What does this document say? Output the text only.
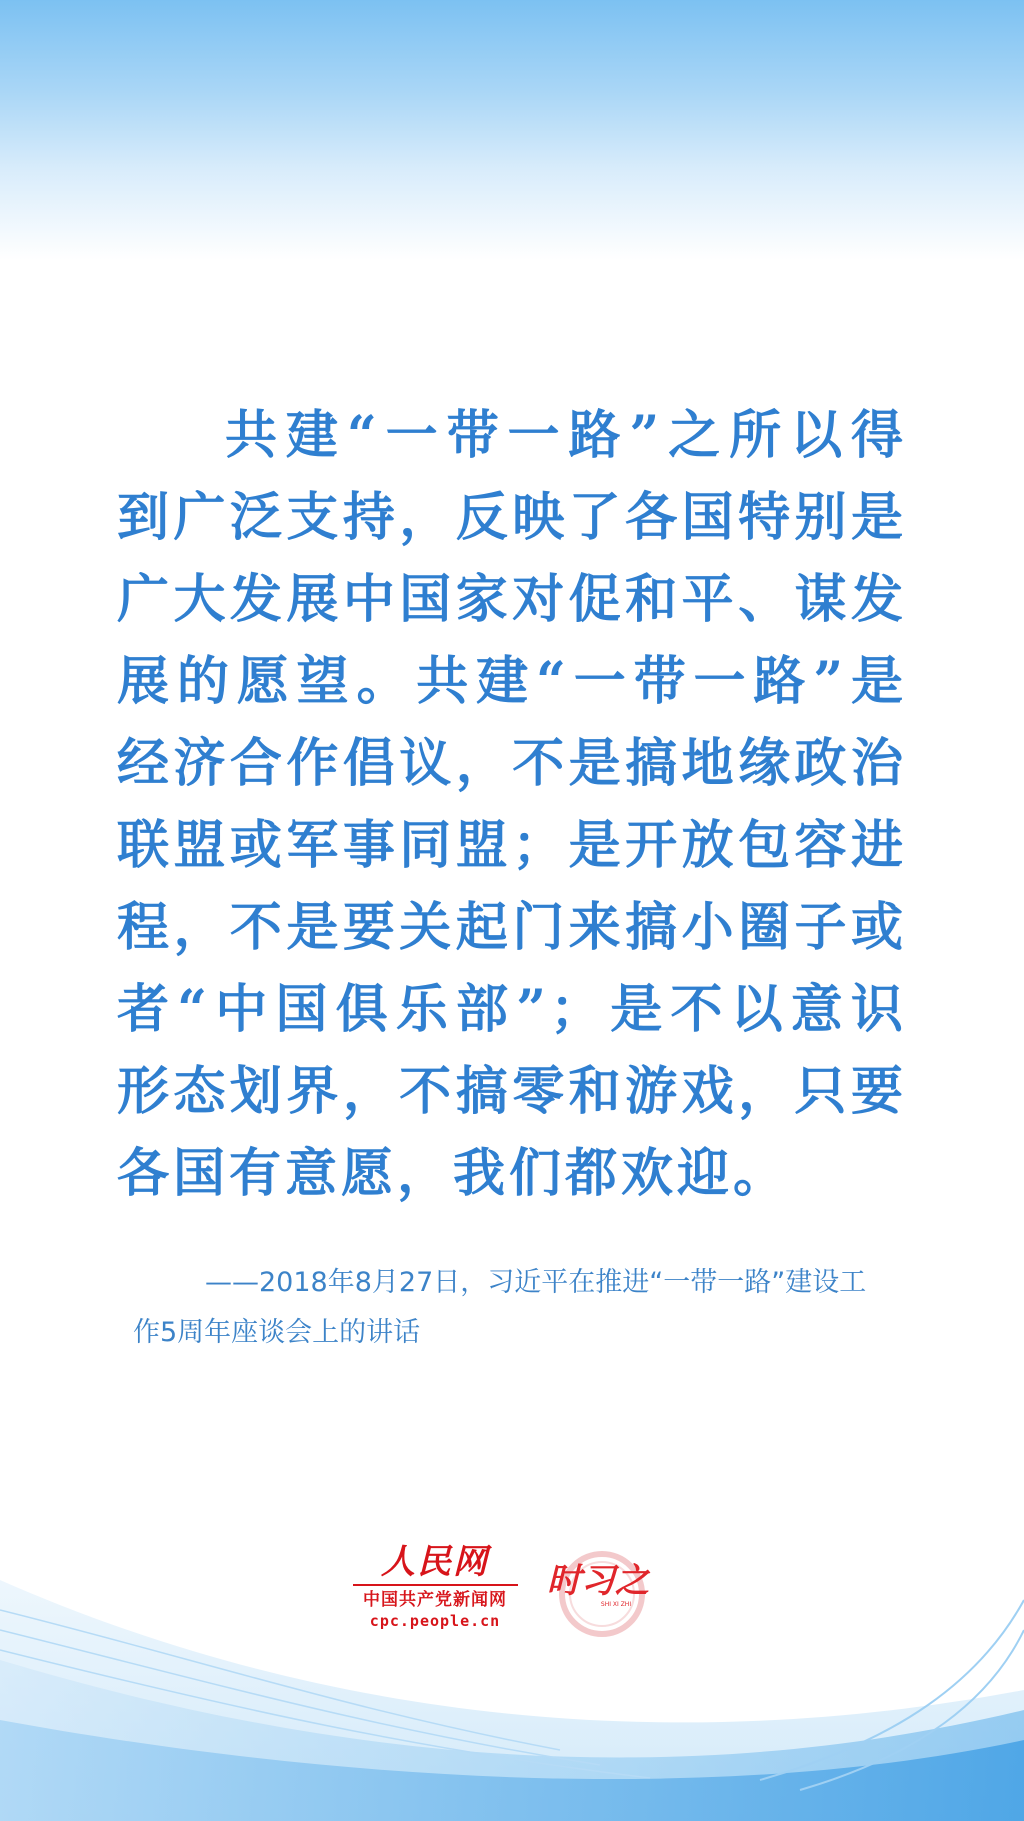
共建“一带一路”之所以得到广泛支持，反映了各国特别是广大发展中国家对促和平、谋发展的愿望。共建“一带一路”是经济合作倡议，不是搞地缘政治联盟或军事同盟；是开放包容进程，不是要关起门来搞小圈子或者“中国俱乐部”；是不以意识形态划界，不搞零和游戏，只要各国有意愿，我们都欢迎。

——2018年8月27日，习近平在推进“一带一路”建设工作5周年座谈会上的讲话

人民网
中国共产党新闻网
cpc.people.cn
时习之
SHI XI ZHI
